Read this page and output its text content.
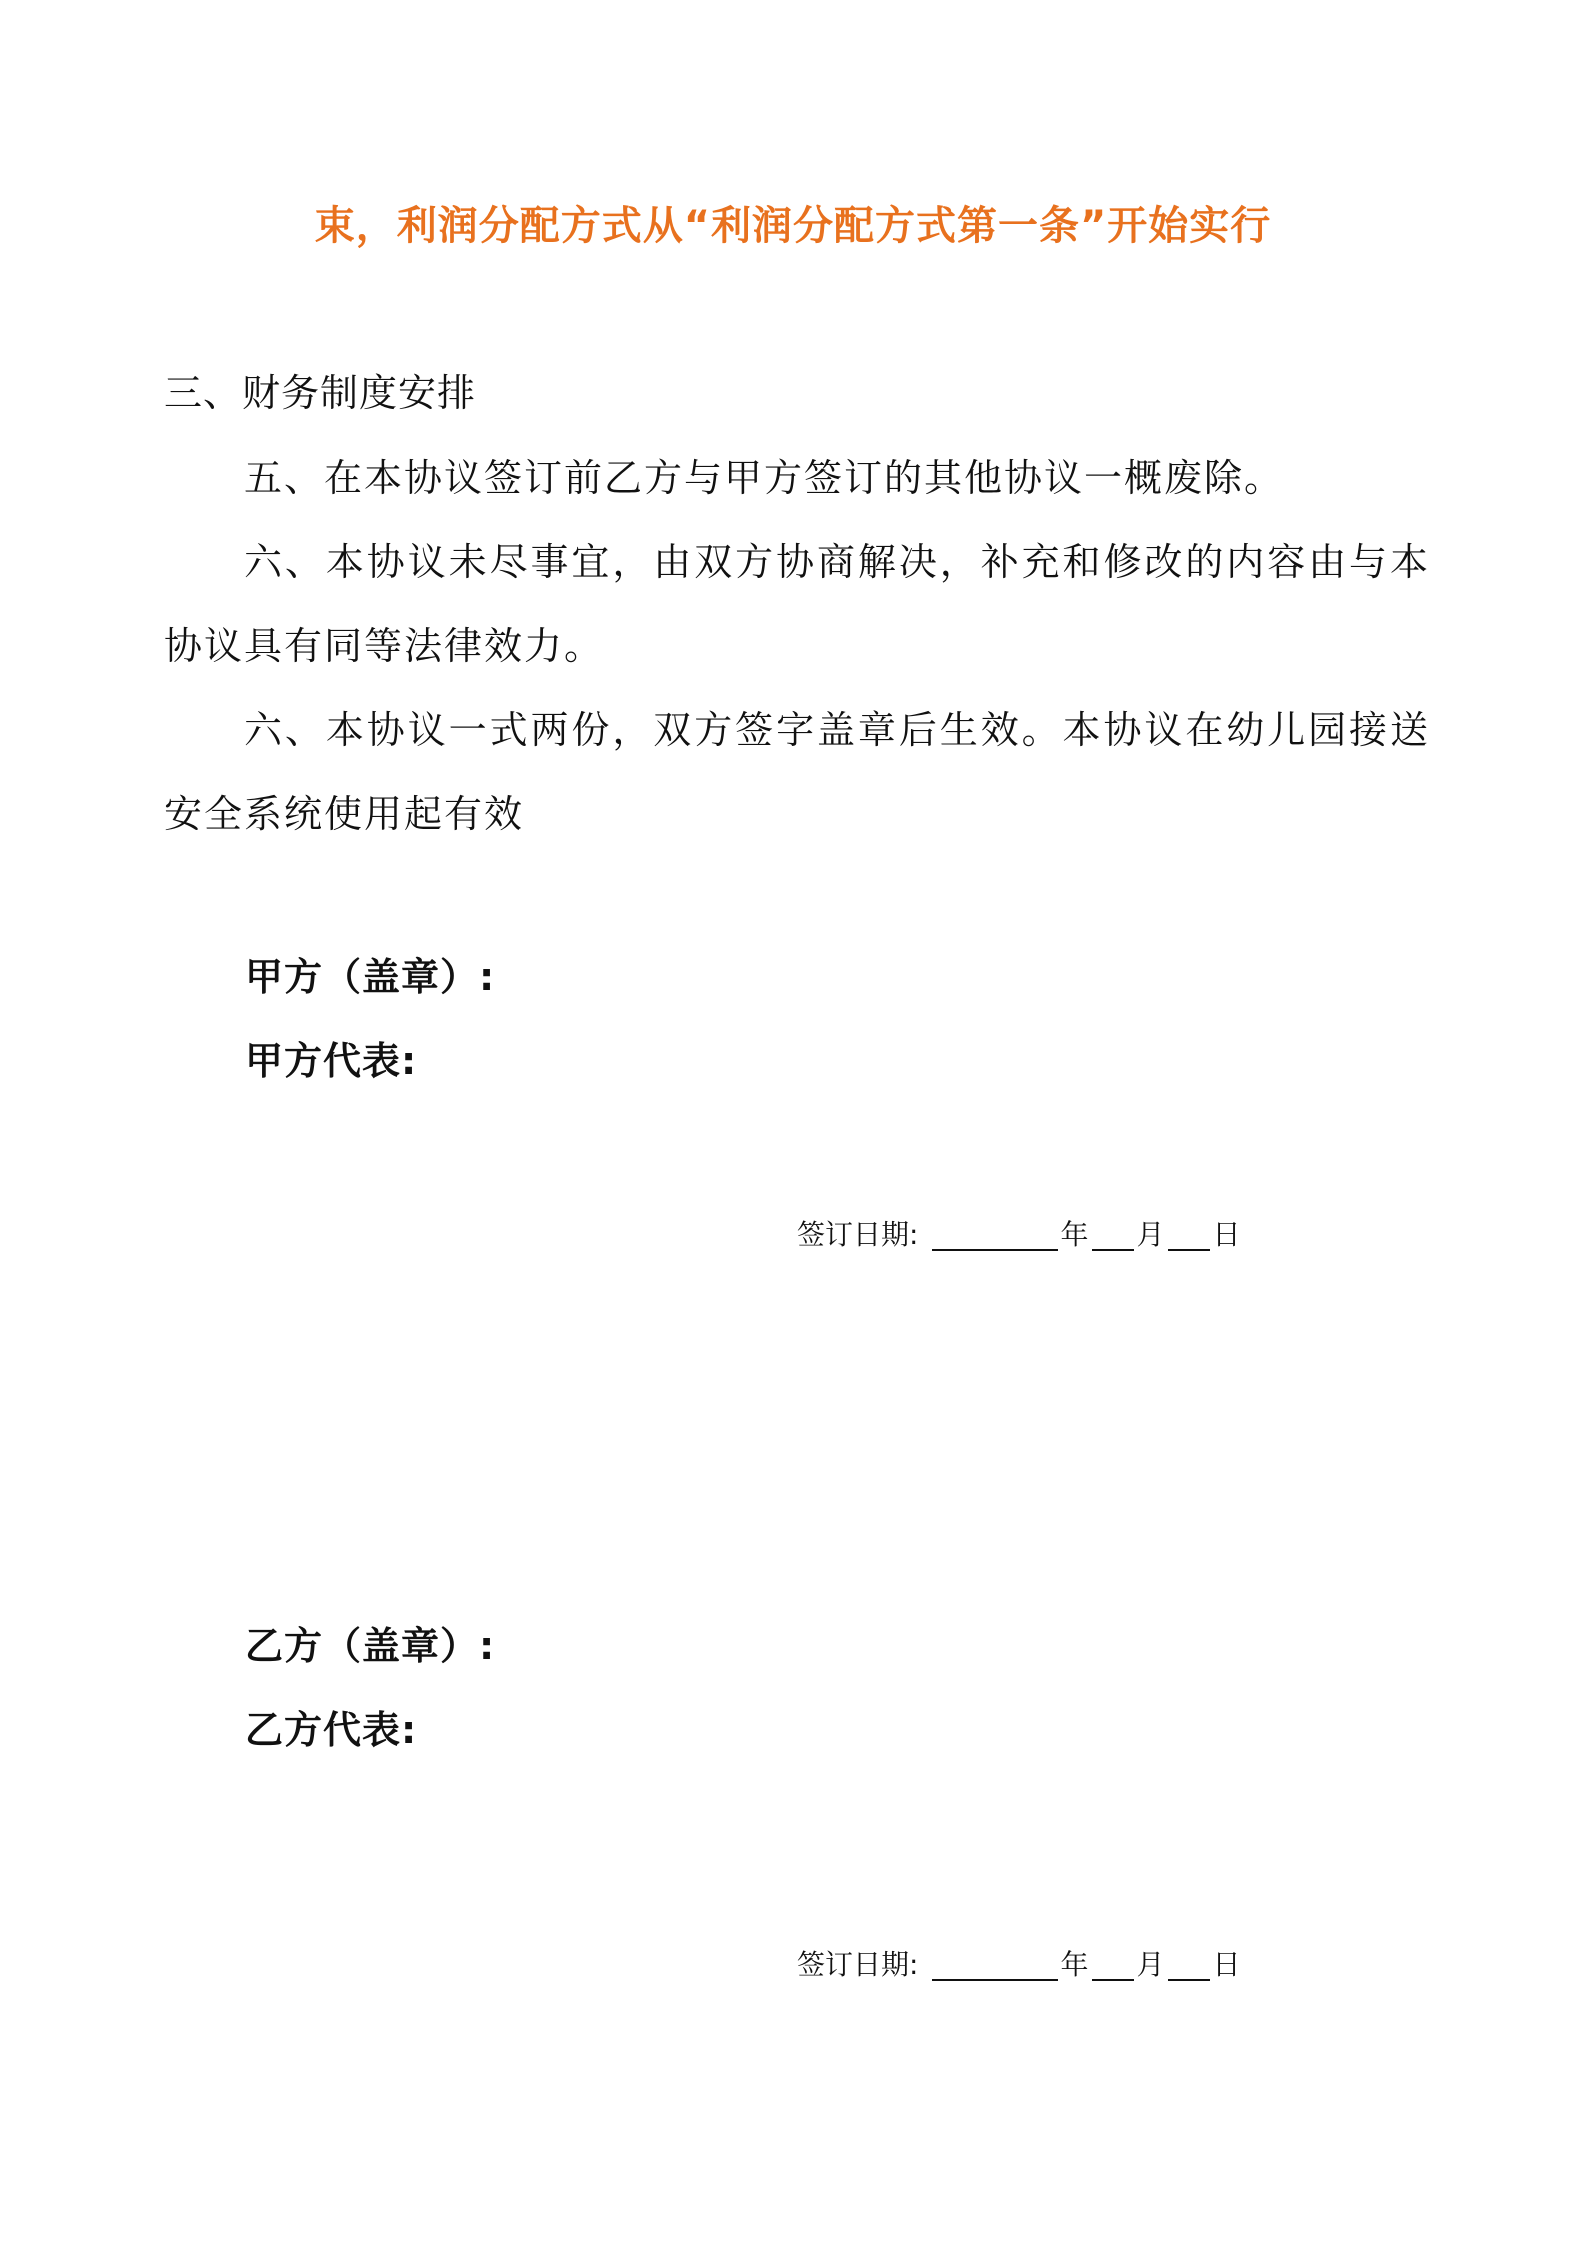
束，利润分配方式从“利润分配方式第一条”开始实行
三、财务制度安排
五、在本协议签订前乙方与甲方签订的其他协议一概废除。
六、本协议未尽事宜，由双方协商解决，补充和修改的内容由与本协议具有同等法律效力。
六、本协议一式两份，双方签字盖章后生效。本协议在幼儿园接送安全系统使用起有效
甲方（盖章）:
甲方代表:
签订日期:	年 月 日
乙方（盖章）:
乙方代表:
签订日期:	年 月 日
